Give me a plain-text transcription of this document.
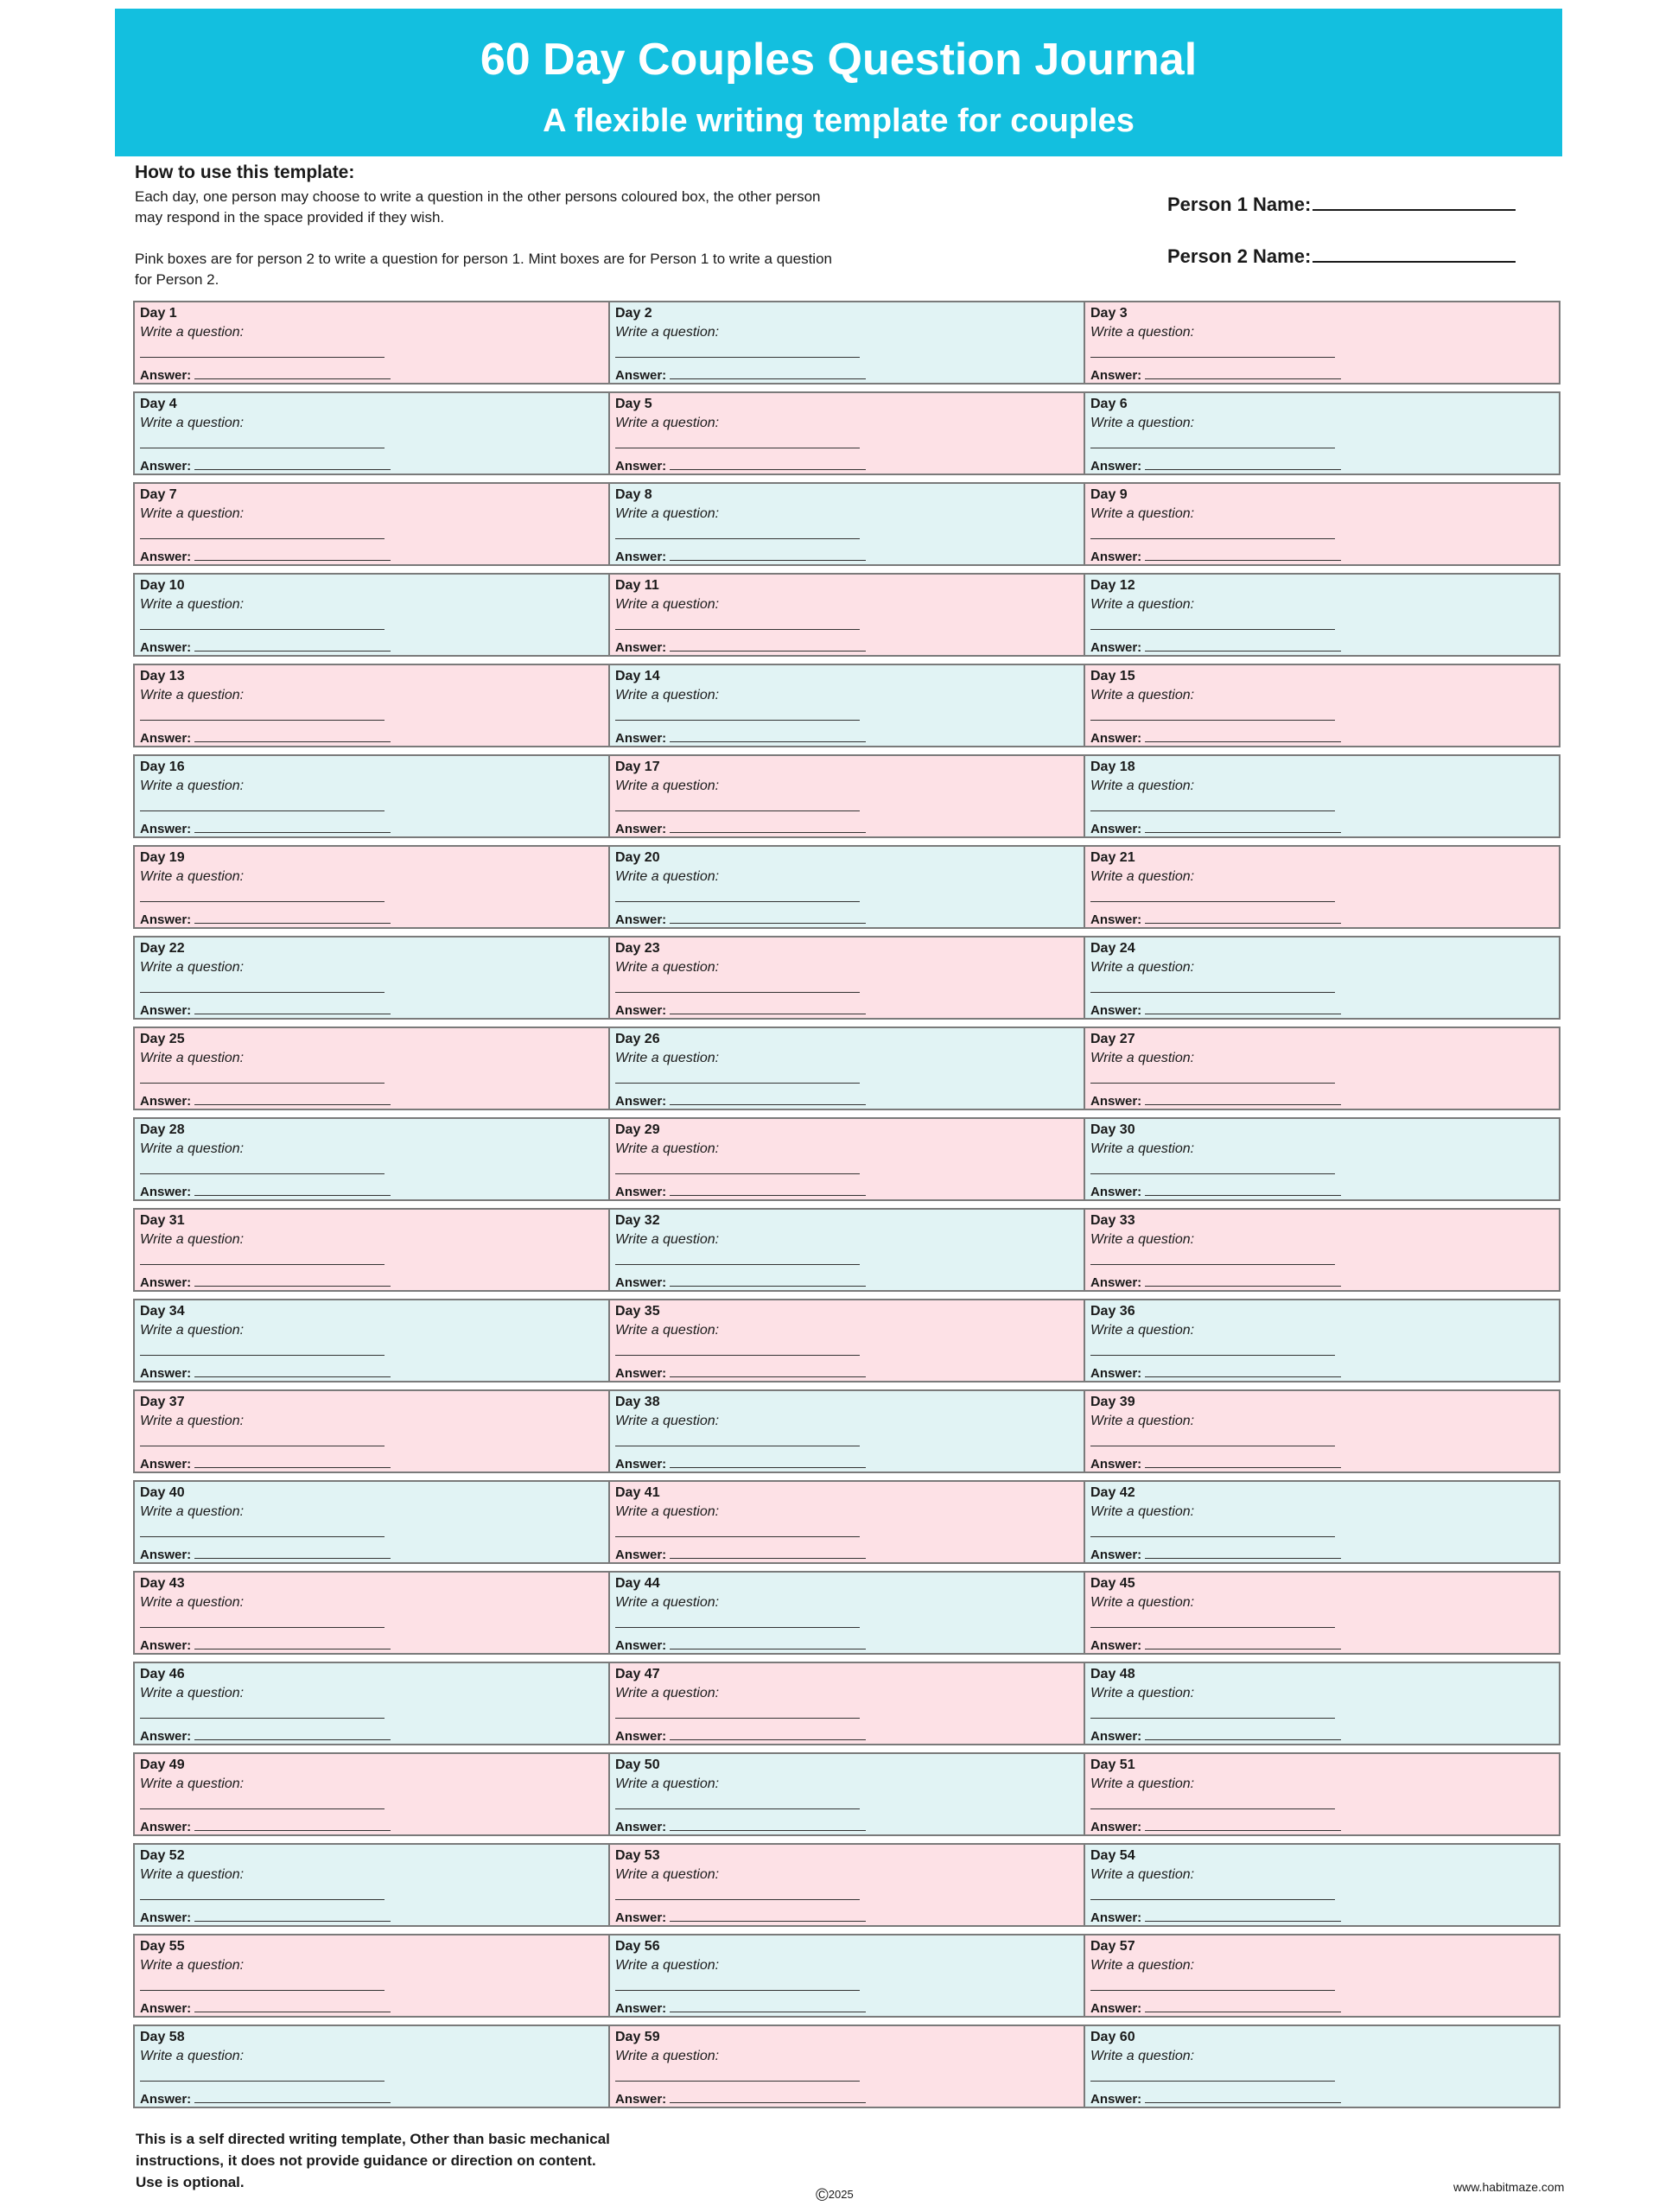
60 Day Couples Question Journal
A flexible writing template for couples
How to use this template:

Each day, one person may choose to write a question in the other persons coloured box, the other person may respond in the space provided if they wish.

Pink boxes are for person 2 to write a question for person 1. Mint boxes are for Person 1 to write a question for Person 2.

Person 1 Name:
Person 2 Name:
Day 1
Write a question:
Answer:
Day 2
Write a question:
Answer:
Day 3
Write a question:
Answer:
Day 4
Write a question:
Answer:
Day 5
Write a question:
Answer:
Day 6
Write a question:
Answer:
Day 7
Write a question:
Answer:
Day 8
Write a question:
Answer:
Day 9
Write a question:
Answer:
Day 10
Write a question:
Answer:
Day 11
Write a question:
Answer:
Day 12
Write a question:
Answer:
Day 13
Write a question:
Answer:
Day 14
Write a question:
Answer:
Day 15
Write a question:
Answer:
Day 16
Write a question:
Answer:
Day 17
Write a question:
Answer:
Day 18
Write a question:
Answer:
Day 19
Write a question:
Answer:
Day 20
Write a question:
Answer:
Day 21
Write a question:
Answer:
Day 22
Write a question:
Answer:
Day 23
Write a question:
Answer:
Day 24
Write a question:
Answer:
Day 25
Write a question:
Answer:
Day 26
Write a question:
Answer:
Day 27
Write a question:
Answer:
Day 28
Write a question:
Answer:
Day 29
Write a question:
Answer:
Day 30
Write a question:
Answer:
Day 31
Write a question:
Answer:
Day 32
Write a question:
Answer:
Day 33
Write a question:
Answer:
Day 34
Write a question:
Answer:
Day 35
Write a question:
Answer:
Day 36
Write a question:
Answer:
Day 37
Write a question:
Answer:
Day 38
Write a question:
Answer:
Day 39
Write a question:
Answer:
Day 40
Write a question:
Answer:
Day 41
Write a question:
Answer:
Day 42
Write a question:
Answer:
Day 43
Write a question:
Answer:
Day 44
Write a question:
Answer:
Day 45
Write a question:
Answer:
Day 46
Write a question:
Answer:
Day 47
Write a question:
Answer:
Day 48
Write a question:
Answer:
Day 49
Write a question:
Answer:
Day 50
Write a question:
Answer:
Day 51
Write a question:
Answer:
Day 52
Write a question:
Answer:
Day 53
Write a question:
Answer:
Day 54
Write a question:
Answer:
Day 55
Write a question:
Answer:
Day 56
Write a question:
Answer:
Day 57
Write a question:
Answer:
Day 58
Write a question:
Answer:
Day 59
Write a question:
Answer:
Day 60
Write a question:
Answer:
This is a self directed writing template, Other than basic mechanical instructions, it does not provide guidance or direction on content. Use is optional.
©2025
www.habitmaze.com
